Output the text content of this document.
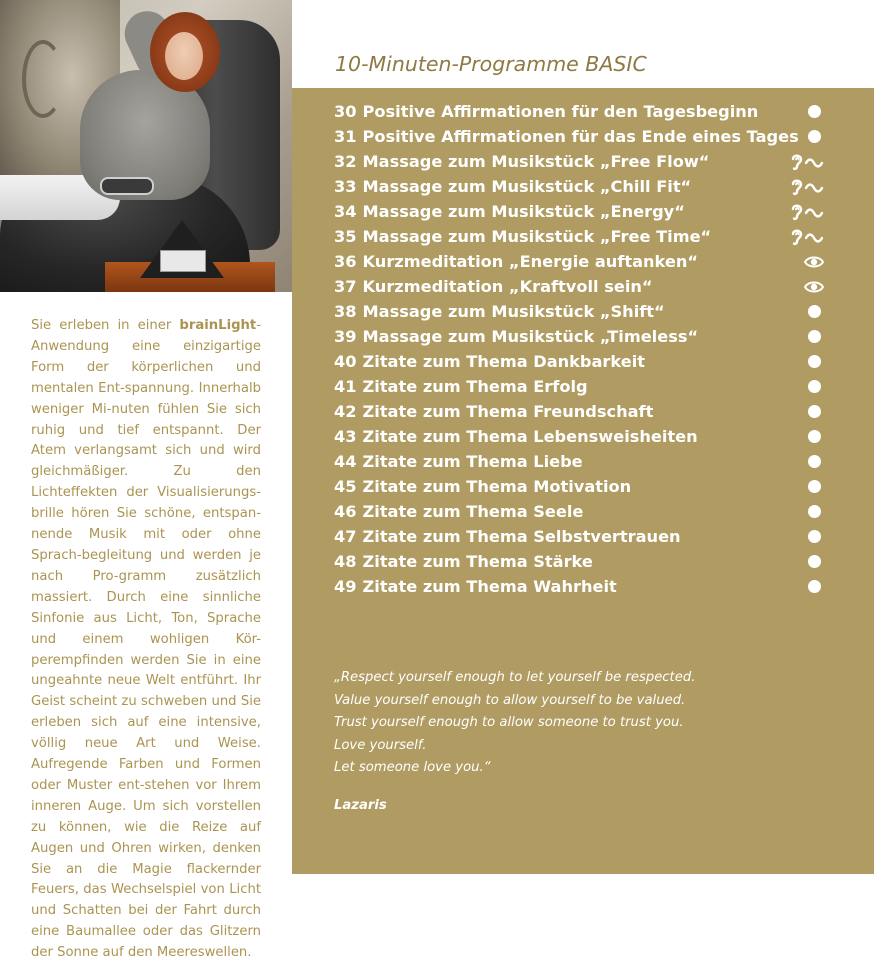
Sie erleben in einer brainLight-Anwendung eine einzigartige Form der körperlichen und mentalen Ent-spannung. Innerhalb weniger Mi-nuten fühlen Sie sich ruhig und tief entspannt. Der Atem verlangsamt sich und wird gleichmäßiger. Zu den Lichteffekten der Visualisierungs-brille hören Sie schöne, entspan-nende Musik mit oder ohne Sprach-begleitung und werden je nach Pro-gramm zusätzlich massiert. Durch eine sinnliche Sinfonie aus Licht, Ton, Sprache und einem wohligen Kör-perempfinden werden Sie in eine ungeahnte neue Welt entführt. Ihr Geist scheint zu schweben und Sie erleben sich auf eine intensive, völlig neue Art und Weise. Aufregende Farben und Formen oder Muster ent-stehen vor Ihrem inneren Auge. Um sich vorstellen zu können, wie die Reize auf Augen und Ohren wirken, denken Sie an die Magie flackernder Feuers, das Wechselspiel von Licht und Schatten bei der Fahrt durch eine Baumallee oder das Glitzern der Sonne auf den Meereswellen.

10-Minuten-Programme BASIC
30 Positive Affirmationen für den Tagesbeginn
31 Positive Affirmationen für das Ende eines Tages
32 Massage zum Musikstück „Free Flow“
33 Massage zum Musikstück „Chill Fit“
34 Massage zum Musikstück „Energy“
35 Massage zum Musikstück „Free Time“
36 Kurzmeditation „Energie auftanken“
37 Kurzmeditation „Kraftvoll sein“
38 Massage zum Musikstück „Shift“
39 Massage zum Musikstück „Timeless“
40 Zitate zum Thema Dankbarkeit
41 Zitate zum Thema Erfolg
42 Zitate zum Thema Freundschaft
43 Zitate zum Thema Lebensweisheiten
44 Zitate zum Thema Liebe
45 Zitate zum Thema Motivation
46 Zitate zum Thema Seele
47 Zitate zum Thema Selbstvertrauen
48 Zitate zum Thema Stärke
49 Zitate zum Thema Wahrheit

„Respect yourself enough to let yourself be respected.
Value yourself enough to allow yourself to be valued.
Trust yourself enough to allow someone to trust you.
Love yourself.
Let someone love you.“

Lazaris
